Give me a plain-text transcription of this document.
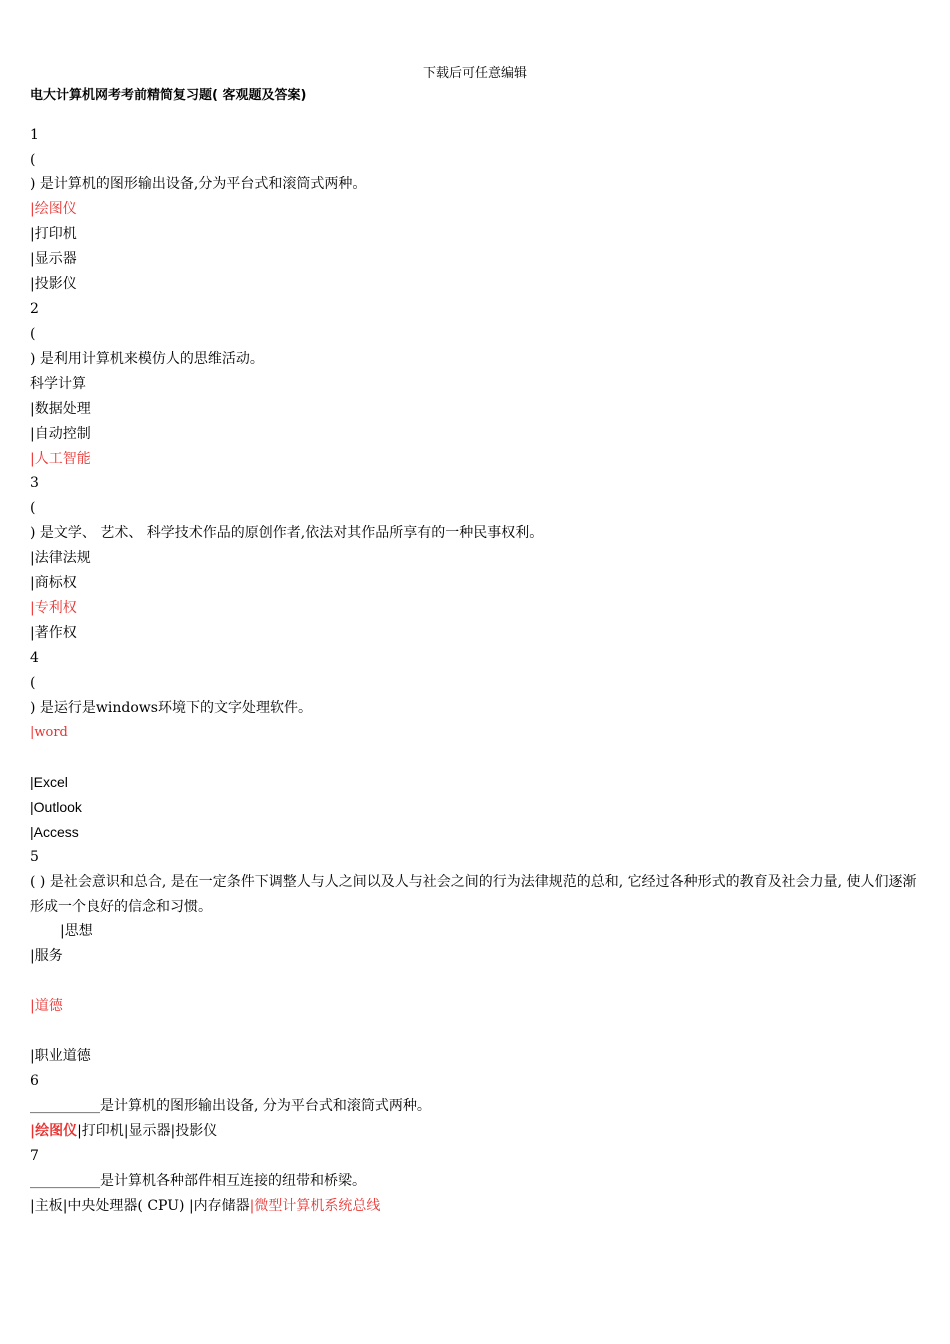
下载后可任意编辑
电大计算机网考考前精简复习题( 客观题及答案)
1
(
) 是计算机的图形输出设备,分为平台式和滚筒式两种。
|绘图仪
|打印机
|显示器
|投影仪
2
(
) 是利用计算机来模仿人的思维活动。
科学计算
|数据处理
|自动控制
|人工智能
3
(
) 是文学、 艺术、 科学技术作品的原创作者,依法对其作品所享有的一种民事权利。
|法律法规
|商标权
|专利权
|著作权
4
(
) 是运行是windows环境下的文字处理软件。
|word
|Excel
|Outlook
|Access
5
( ) 是社会意识和总合, 是在一定条件下调整人与人之间以及人与社会之间的行为法律规范的总和, 它经过各种形式的教育及社会力量, 使人们逐渐形成一个良好的信念和习惯。
|思想
|服务
|道德
|职业道德
6
__________是计算机的图形输出设备, 分为平台式和滚筒式两种。
|绘图仪|打印机|显示器|投影仪
7
__________是计算机各种部件相互连接的纽带和桥梁。
|主板|中央处理器( CPU) |内存储器|微型计算机系统总线
